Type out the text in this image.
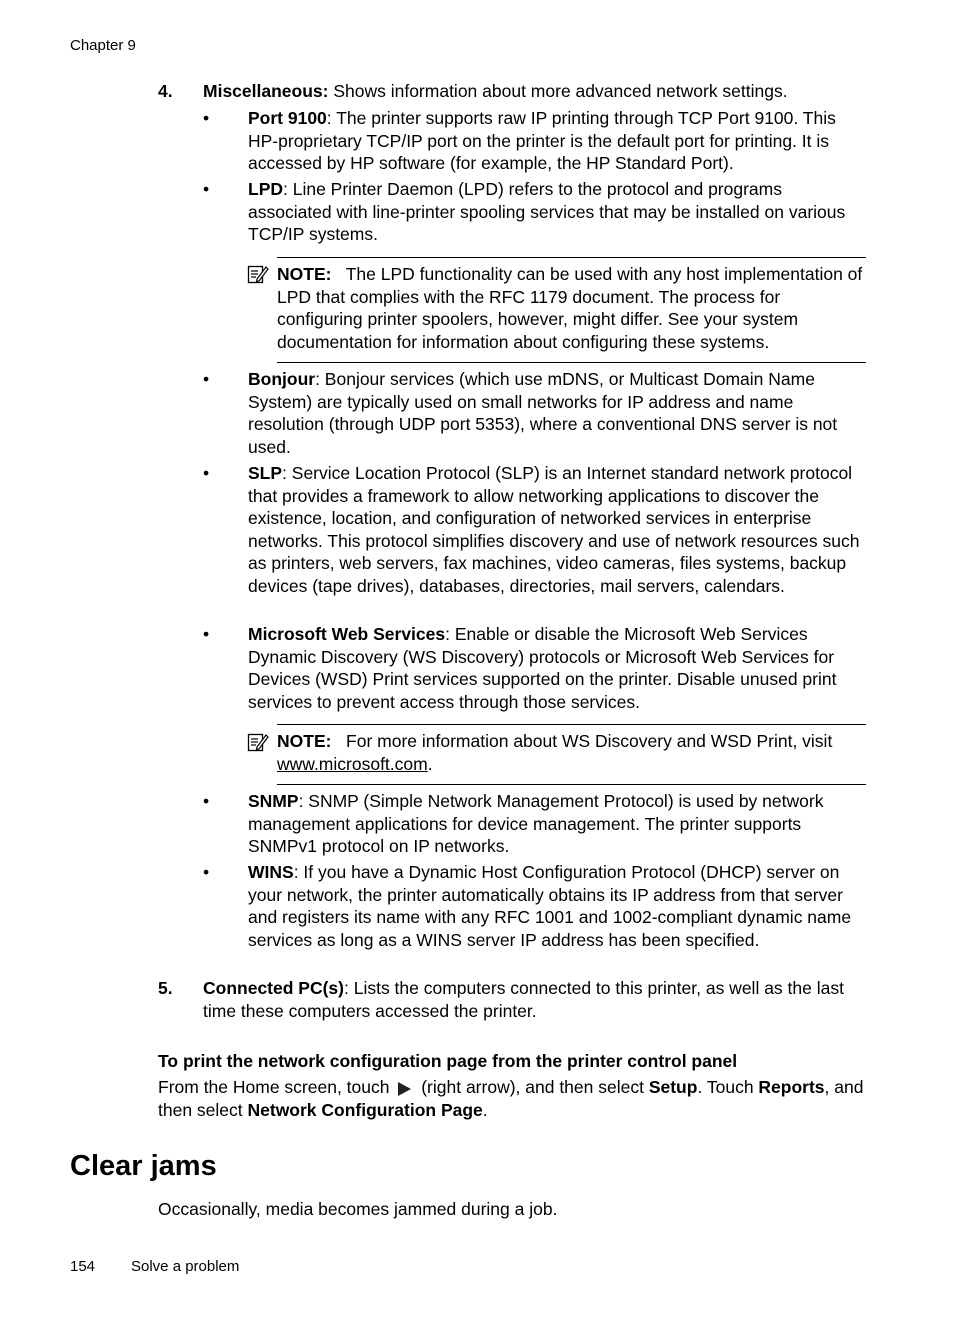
Chapter 9
4. Miscellaneous: Shows information about more advanced network settings.
• Port 9100: The printer supports raw IP printing through TCP Port 9100. This HP-proprietary TCP/IP port on the printer is the default port for printing. It is accessed by HP software (for example, the HP Standard Port).
• LPD: Line Printer Daemon (LPD) refers to the protocol and programs associated with line-printer spooling services that may be installed on various TCP/IP systems.
NOTE: The LPD functionality can be used with any host implementation of LPD that complies with the RFC 1179 document. The process for configuring printer spoolers, however, might differ. See your system documentation for information about configuring these systems.
• Bonjour: Bonjour services (which use mDNS, or Multicast Domain Name System) are typically used on small networks for IP address and name resolution (through UDP port 5353), where a conventional DNS server is not used.
• SLP: Service Location Protocol (SLP) is an Internet standard network protocol that provides a framework to allow networking applications to discover the existence, location, and configuration of networked services in enterprise networks. This protocol simplifies discovery and use of network resources such as printers, web servers, fax machines, video cameras, files systems, backup devices (tape drives), databases, directories, mail servers, calendars.
• Microsoft Web Services: Enable or disable the Microsoft Web Services Dynamic Discovery (WS Discovery) protocols or Microsoft Web Services for Devices (WSD) Print services supported on the printer. Disable unused print services to prevent access through those services.
NOTE: For more information about WS Discovery and WSD Print, visit www.microsoft.com.
• SNMP: SNMP (Simple Network Management Protocol) is used by network management applications for device management. The printer supports SNMPv1 protocol on IP networks.
• WINS: If you have a Dynamic Host Configuration Protocol (DHCP) server on your network, the printer automatically obtains its IP address from that server and registers its name with any RFC 1001 and 1002-compliant dynamic name services as long as a WINS server IP address has been specified.
5. Connected PC(s): Lists the computers connected to this printer, as well as the last time these computers accessed the printer.
To print the network configuration page from the printer control panel
From the Home screen, touch  (right arrow), and then select Setup. Touch Reports, and then select Network Configuration Page.
Clear jams
Occasionally, media becomes jammed during a job.
154 Solve a problem
